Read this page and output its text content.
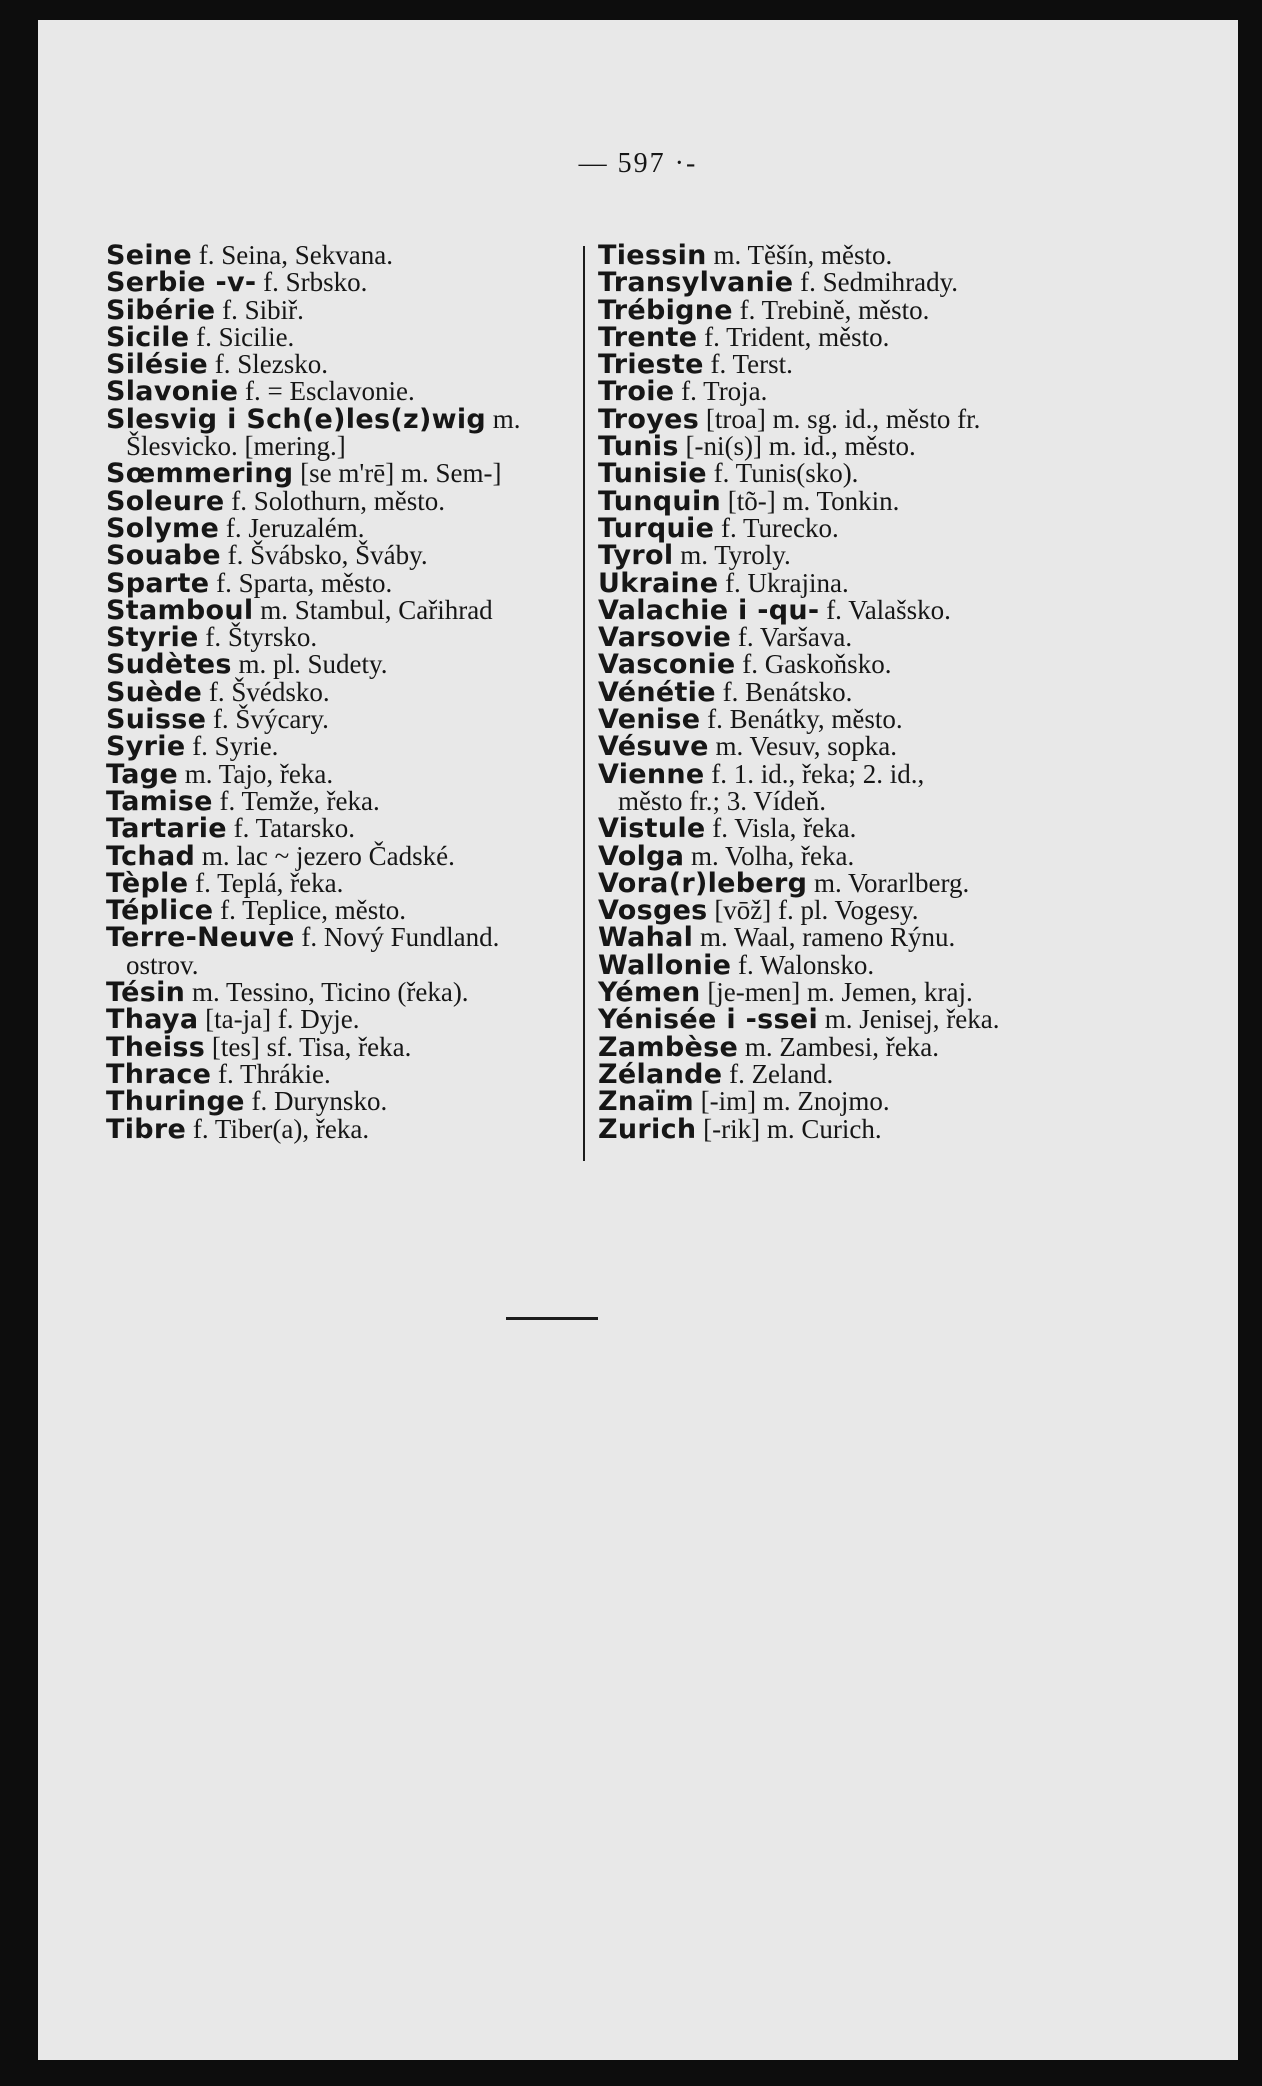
— 597 ·-
Seine f. Seina, Sekvana.
Serbie -v- f. Srbsko.
Sibérie f. Sibiř.
Sicile f. Sicilie.
Silésie f. Slezsko.
Slavonie f. = Esclavonie.
Slesvig i Sch(e)les(z)wig m.
Šlesvicko. [mering.]
Sœmmering [se m'rē] m. Sem-]
Soleure f. Solothurn, město.
Solyme f. Jeruzalém.
Souabe f. Švábsko, Šváby.
Sparte f. Sparta, město.
Stamboul m. Stambul, Cařihrad
Styrie f. Štyrsko.
Sudètes m. pl. Sudety.
Suède f. Švédsko.
Suisse f. Švýcary.
Syrie f. Syrie.
Tage m. Tajo, řeka.
Tamise f. Temže, řeka.
Tartarie f. Tatarsko.
Tchad m. lac ~ jezero Čadské.
Tèple f. Teplá, řeka.
Téplice f. Teplice, město.
Terre-Neuve f. Nový Fundland.
ostrov.
Tésin m. Tessino, Ticino (řeka).
Thaya [ta-ja] f. Dyje.
Theiss [tes] sf. Tisa, řeka.
Thrace f. Thrákie.
Thuringe f. Durynsko.
Tibre f. Tiber(a), řeka.
Tiessin m. Těšín, město.
Transylvanie f. Sedmihrady.
Trébigne f. Trebině, město.
Trente f. Trident, město.
Trieste f. Terst.
Troie f. Troja.
Troyes [troa] m. sg. id., město fr.
Tunis [-ni(s)] m. id., město.
Tunisie f. Tunis(sko).
Tunquin [tõ-] m. Tonkin.
Turquie f. Turecko.
Tyrol m. Tyroly.
Ukraine f. Ukrajina.
Valachie i -qu- f. Valašsko.
Varsovie f. Varšava.
Vasconie f. Gaskoňsko.
Vénétie f. Benátsko.
Venise f. Benátky, město.
Vésuve m. Vesuv, sopka.
Vienne f. 1. id., řeka; 2. id.,
město fr.; 3. Vídeň.
Vistule f. Visla, řeka.
Volga m. Volha, řeka.
Vora(r)leberg m. Vorarlberg.
Vosges [vōž] f. pl. Vogesy.
Wahal m. Waal, rameno Rýnu.
Wallonie f. Walonsko.
Yémen [je-men] m. Jemen, kraj.
Yénisée i -ssei m. Jenisej, řeka.
Zambèse m. Zambesi, řeka.
Zélande f. Zeland.
Znaïm [-im] m. Znojmo.
Zurich [-rik] m. Curich.
